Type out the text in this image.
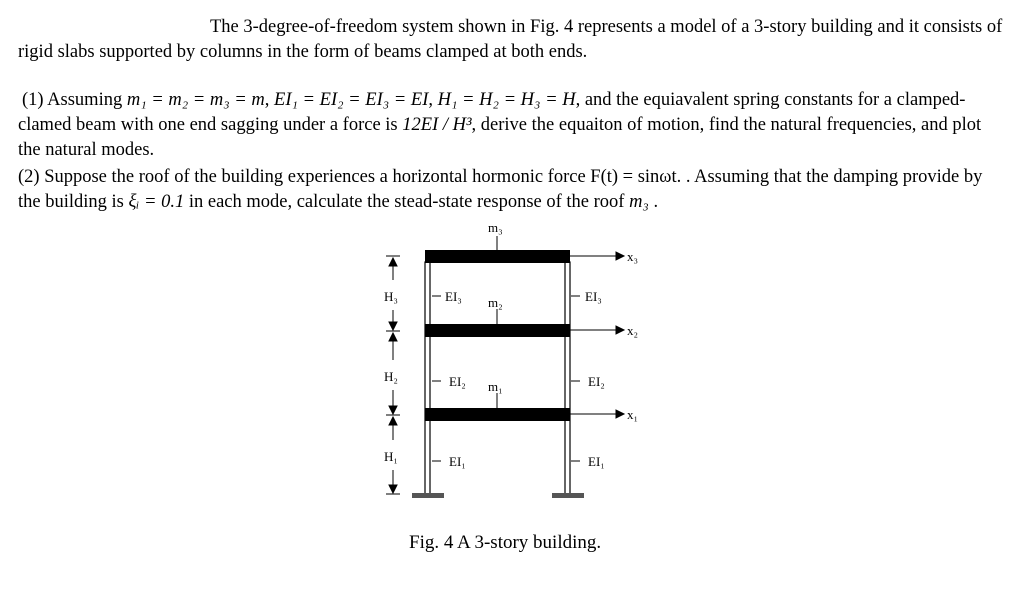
The 3-degree-of-freedom system shown in Fig. 4 represents a model of a 3-story building and it consists of rigid slabs supported by columns in the form of beams clamped at both ends.
(1) Assuming m₁ = m₂ = m₃ = m, EI₁ = EI₂ = EI₃ = EI, H₁ = H₂ = H₃ = H, and the equiavalent spring constants for a clamped-clamed beam with one end sagging under a force is 12EI / H³, derive the equaiton of motion, find the natural frequencies, and plot the natural modes.
(2) Suppose the roof of the building experiences a horizontal hormonic force F(t) = sinωt. . Assuming that the damping provide by the building is ξᵢ = 0.1 in each mode, calculate the stead-state response of the roof m₃ .
m₃
m₂
m₁
x₃
x₂
x₁
EI₃
EI₂
EI₁
EI₃
EI₂
EI₁
H₃
H₂
H₁
Fig. 4 A 3-story building.
